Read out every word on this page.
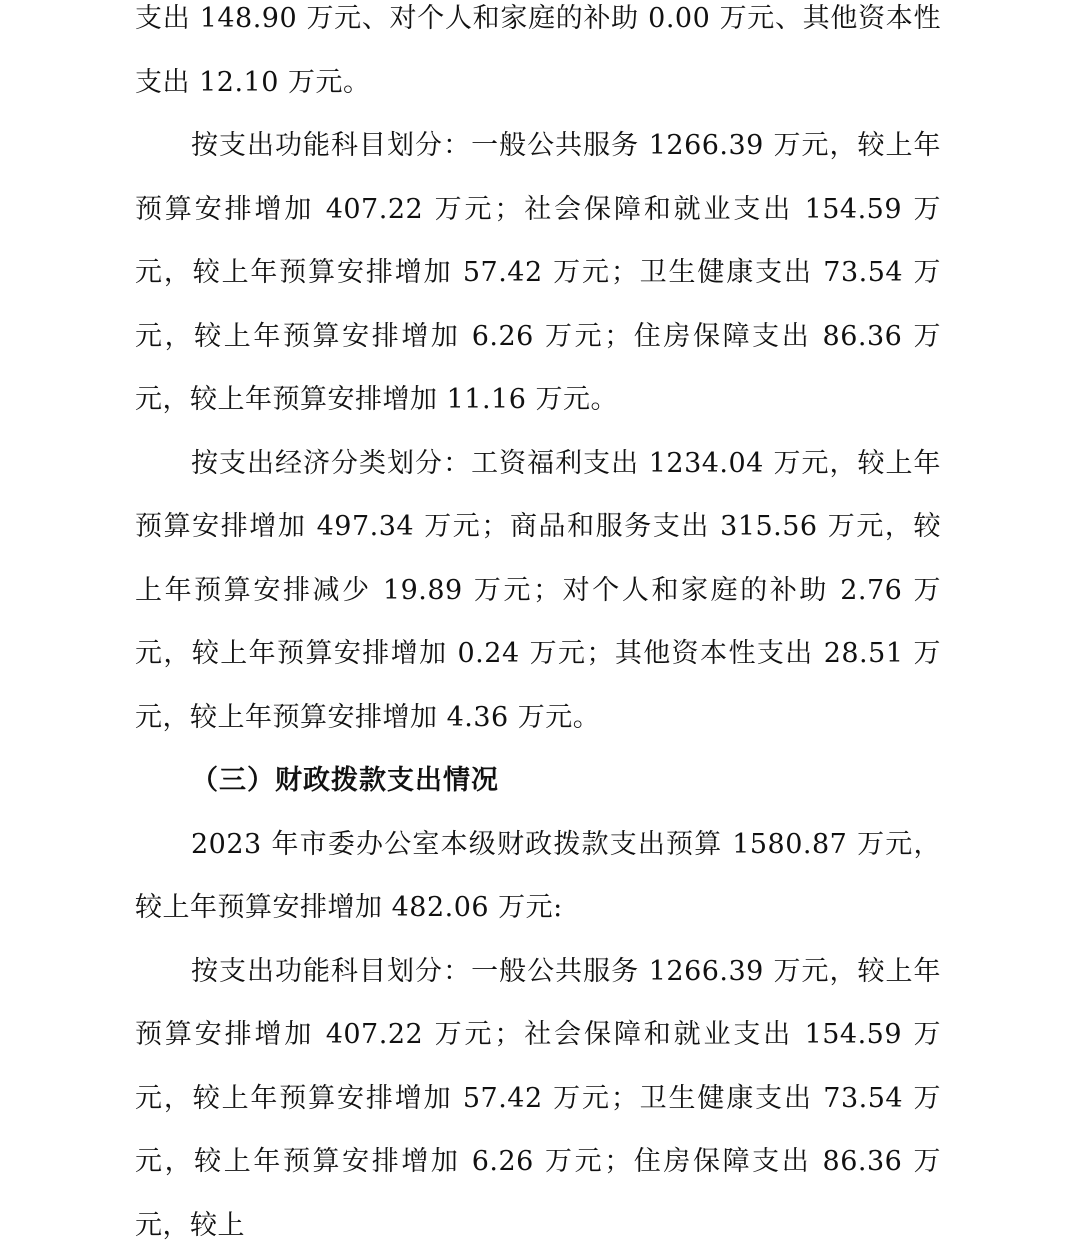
支出 148.90 万元、对个人和家庭的补助 0.00 万元、其他资本性支出 12.10 万元。

按支出功能科目划分：一般公共服务 1266.39 万元，较上年预算安排增加 407.22 万元；社会保障和就业支出 154.59 万元，较上年预算安排增加 57.42 万元；卫生健康支出 73.54 万元，较上年预算安排增加 6.26 万元；住房保障支出 86.36 万元，较上年预算安排增加 11.16 万元。

按支出经济分类划分：工资福利支出 1234.04 万元，较上年预算安排增加 497.34 万元；商品和服务支出 315.56 万元，较上年预算安排减少 19.89 万元；对个人和家庭的补助 2.76 万元，较上年预算安排增加 0.24 万元；其他资本性支出 28.51 万元，较上年预算安排增加 4.36 万元。

（三）财政拨款支出情况

2023 年市委办公室本级财政拨款支出预算 1580.87 万元，较上年预算安排增加 482.06 万元:

按支出功能科目划分：一般公共服务 1266.39 万元，较上年预算安排增加 407.22 万元；社会保障和就业支出 154.59 万元，较上年预算安排增加 57.42 万元；卫生健康支出 73.54 万元，较上年预算安排增加 6.26 万元；住房保障支出 86.36 万元，较上
